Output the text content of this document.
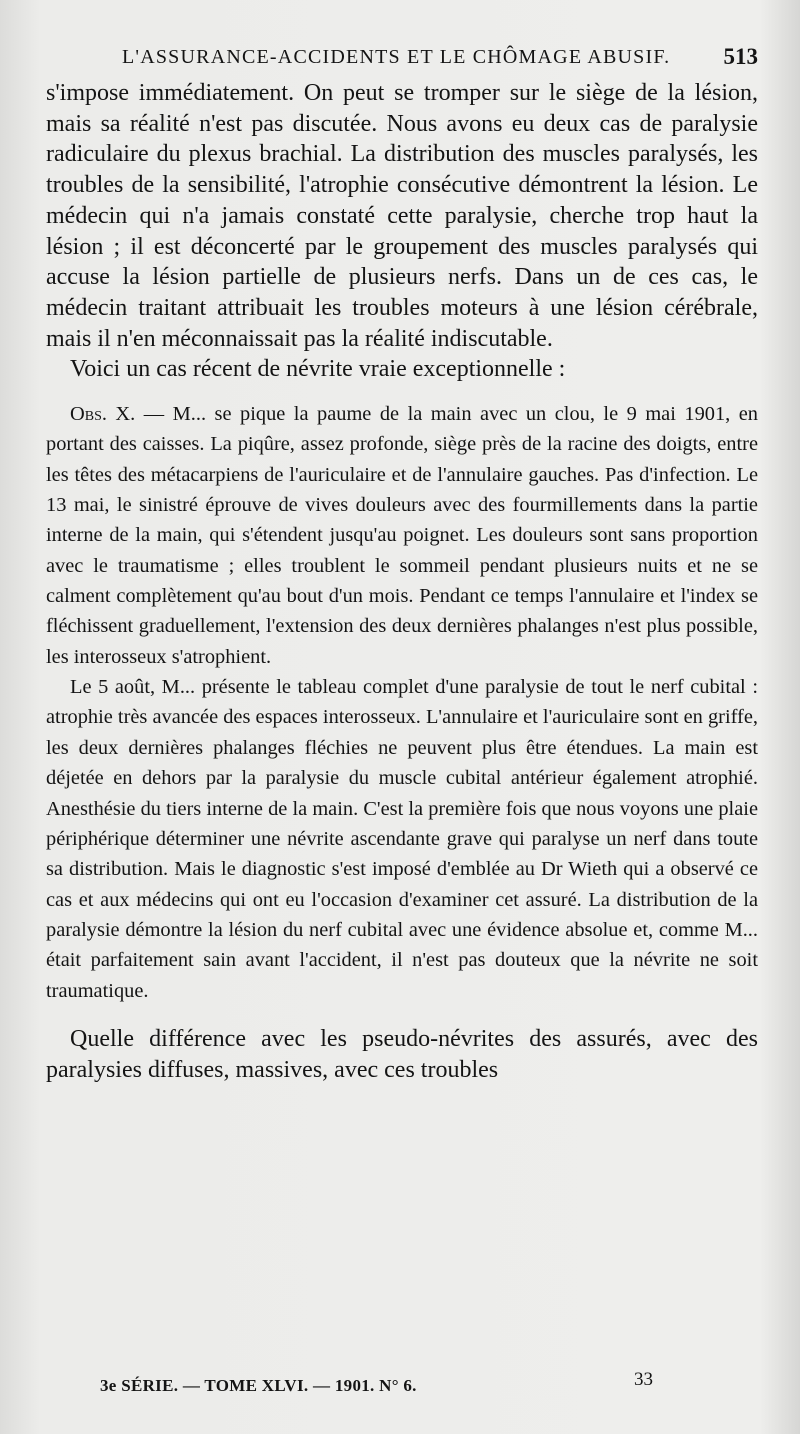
L'ASSURANCE-ACCIDENTS ET LE CHÔMAGE ABUSIF. 513

s'impose immédiatement. On peut se tromper sur le siège de la lésion, mais sa réalité n'est pas discutée. Nous avons eu deux cas de paralysie radiculaire du plexus brachial. La distribution des muscles paralysés, les troubles de la sensibilité, l'atrophie consécutive démontrent la lésion. Le médecin qui n'a jamais constaté cette paralysie, cherche trop haut la lésion ; il est déconcerté par le groupement des muscles paralysés qui accuse la lésion partielle de plusieurs nerfs. Dans un de ces cas, le médecin traitant attribuait les troubles moteurs à une lésion cérébrale, mais il n'en méconnaissait pas la réalité indiscutable.

Voici un cas récent de névrite vraie exceptionnelle :

Obs. X. — M... se pique la paume de la main avec un clou, le 9 mai 1901, en portant des caisses. La piqûre, assez profonde, siège près de la racine des doigts, entre les têtes des métacarpiens de l'auriculaire et de l'annulaire gauches. Pas d'infection. Le 13 mai, le sinistré éprouve de vives douleurs avec des fourmillements dans la partie interne de la main, qui s'étendent jusqu'au poignet. Les douleurs sont sans proportion avec le traumatisme ; elles troublent le sommeil pendant plusieurs nuits et ne se calment complètement qu'au bout d'un mois. Pendant ce temps l'annulaire et l'index se fléchissent graduellement, l'extension des deux dernières phalanges n'est plus possible, les interosseux s'atrophient.

Le 5 août, M... présente le tableau complet d'une paralysie de tout le nerf cubital : atrophie très avancée des espaces interosseux. L'annulaire et l'auriculaire sont en griffe, les deux dernières phalanges fléchies ne peuvent plus être étendues. La main est déjetée en dehors par la paralysie du muscle cubital antérieur également atrophié. Anesthésie du tiers interne de la main. C'est la première fois que nous voyons une plaie périphérique déterminer une névrite ascendante grave qui paralyse un nerf dans toute sa distribution. Mais le diagnostic s'est imposé d'emblée au Dr Wieth qui a observé ce cas et aux médecins qui ont eu l'occasion d'examiner cet assuré. La distribution de la paralysie démontre la lésion du nerf cubital avec une évidence absolue et, comme M... était parfaitement sain avant l'accident, il n'est pas douteux que la névrite ne soit traumatique.

Quelle différence avec les pseudo-névrites des assurés, avec des paralysies diffuses, massives, avec ces troubles

3e SÉRIE. — TOME XLVI. — 1901. N° 6.	33
